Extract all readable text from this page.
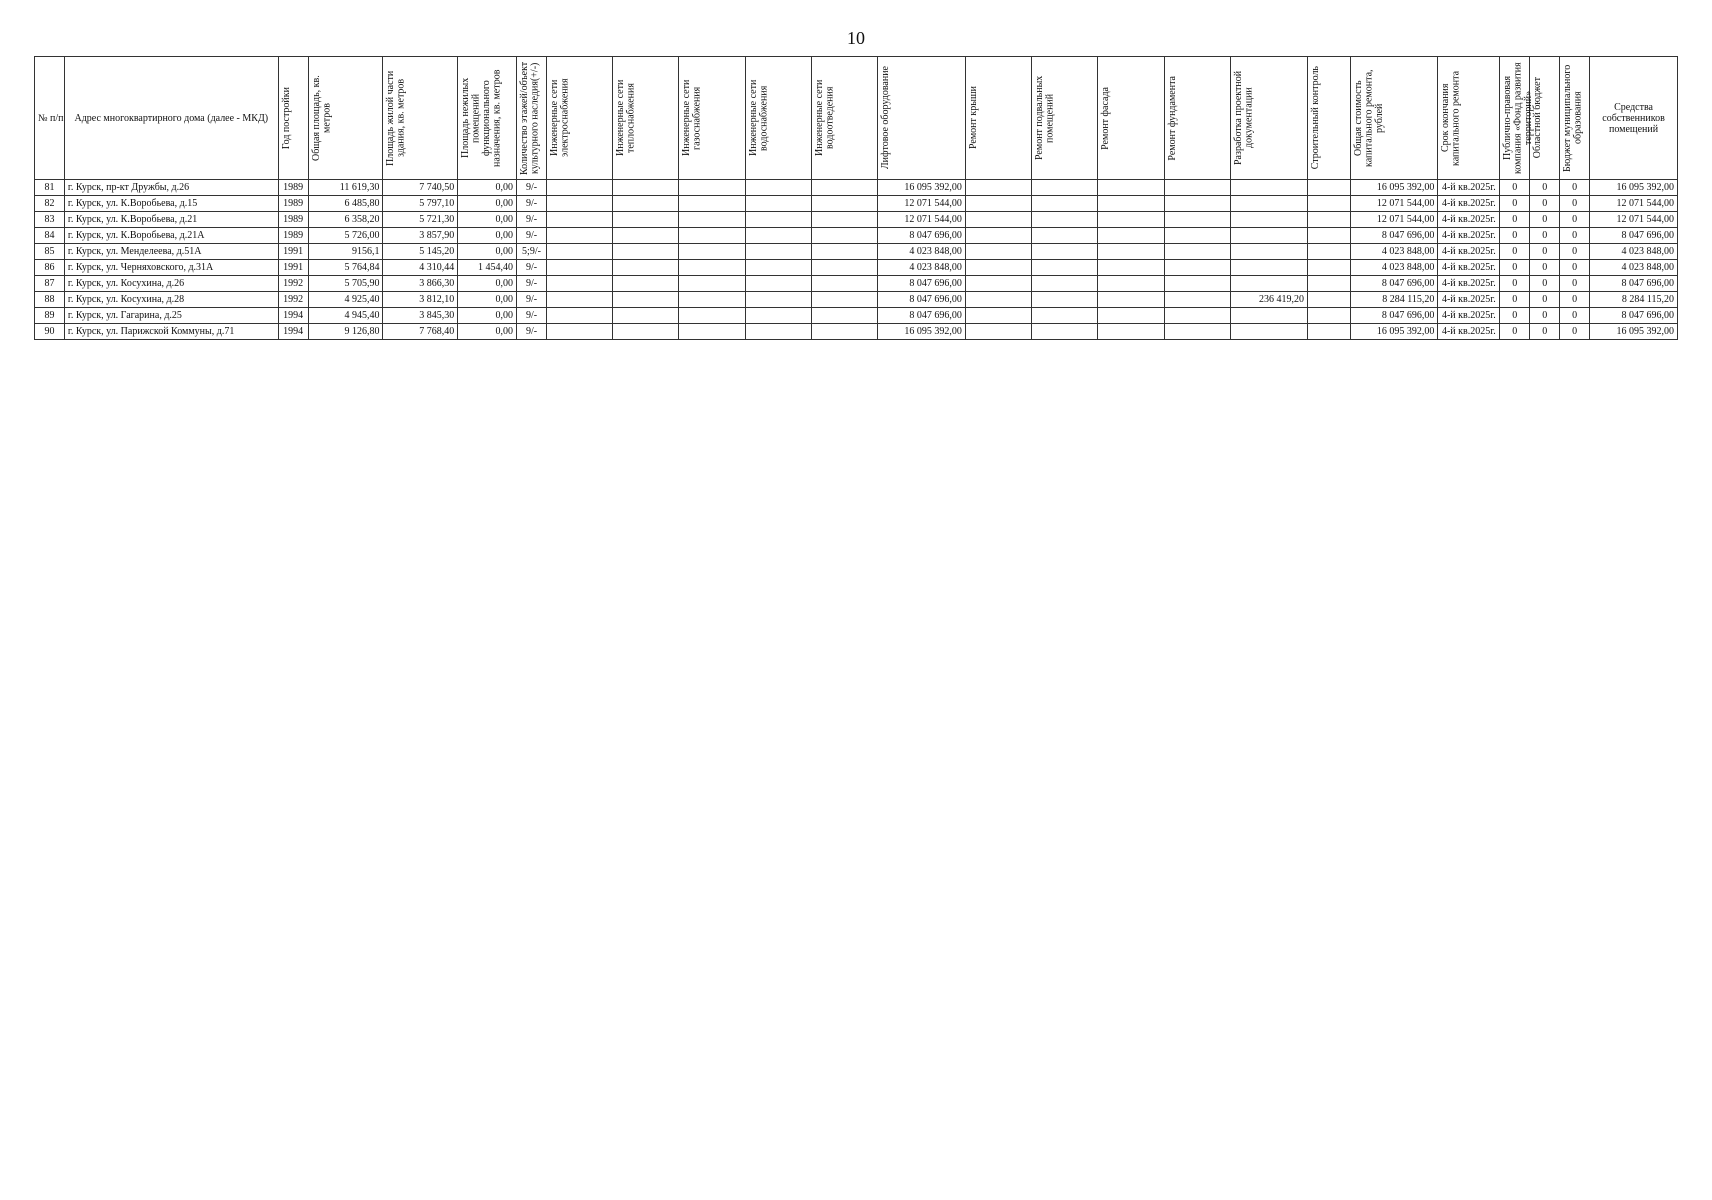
10
№ п/п	Адрес многоквартирного дома (далее - МКД)	Год постройки	Общая площадь, кв. метров	Площадь жилой части здания, кв. метров	Площадь нежилых помещений функционального назначения, кв. метров	Количество этажей/объект культурного наследия(+/-)	Инженерные сети электроснабжения	Инженерные сети теплоснабжения	Инженерные сети газоснабжения	Инженерные сети водоснабжения	Инженерные сети водоотведения	Лифтовое оборудование	Ремонт крыши	Ремонт подвальных помещений	Ремонт фасада	Ремонт фундамента	Разработка проектной документации	Строительный контроль	Общая стоимость капитального ремонта, рублей	Срок окончания капитального ремонта	Публично-правовая компания «Фонд развития территорий»	Областной бюджет	Бюджет муниципального образования	Средства собственников помещений
81	г. Курск, пр-кт Дружбы, д.26	1989	11 619,30	7 740,50	0,00	9/-						16 095 392,00							16 095 392,00	4-й кв.2025г.	0	0	0	16 095 392,00
82	г. Курск, ул. К.Воробьева, д.15	1989	6 485,80	5 797,10	0,00	9/-						12 071 544,00							12 071 544,00	4-й кв.2025г.	0	0	0	12 071 544,00
83	г. Курск, ул. К.Воробьева, д.21	1989	6 358,20	5 721,30	0,00	9/-						12 071 544,00							12 071 544,00	4-й кв.2025г.	0	0	0	12 071 544,00
84	г. Курск, ул. К.Воробьева, д.21А	1989	5 726,00	3 857,90	0,00	9/-						8 047 696,00							8 047 696,00	4-й кв.2025г.	0	0	0	8 047 696,00
85	г. Курск, ул. Менделеева, д.51А	1991	9156,1	5 145,20	0,00	5;9/-						4 023 848,00							4 023 848,00	4-й кв.2025г.	0	0	0	4 023 848,00
86	г. Курск, ул. Черняховского, д.31А	1991	5 764,84	4 310,44	1 454,40	9/-						4 023 848,00							4 023 848,00	4-й кв.2025г.	0	0	0	4 023 848,00
87	г. Курск, ул. Косухина, д.26	1992	5 705,90	3 866,30	0,00	9/-						8 047 696,00							8 047 696,00	4-й кв.2025г.	0	0	0	8 047 696,00
88	г. Курск, ул. Косухина, д.28	1992	4 925,40	3 812,10	0,00	9/-						8 047 696,00					236 419,20		8 284 115,20	4-й кв.2025г.	0	0	0	8 284 115,20
89	г. Курск, ул. Гагарина, д.25	1994	4 945,40	3 845,30	0,00	9/-						8 047 696,00							8 047 696,00	4-й кв.2025г.	0	0	0	8 047 696,00
90	г. Курск, ул. Парижской Коммуны, д.71	1994	9 126,80	7 768,40	0,00	9/-						16 095 392,00							16 095 392,00	4-й кв.2025г.	0	0	0	16 095 392,00
